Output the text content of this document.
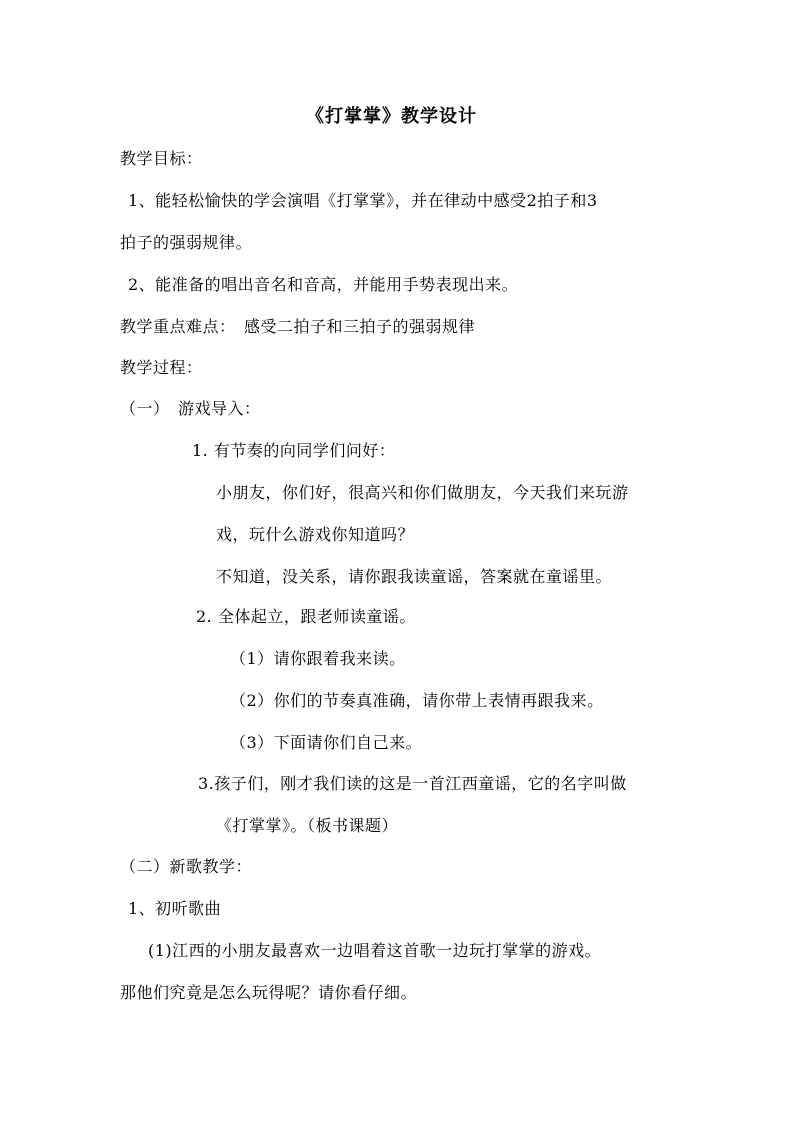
《打掌掌》教学设计
教学目标：
1、能轻松愉快的学会演唱《打掌掌》，并在律动中感受2拍子和3
拍子的强弱规律。
2、能准备的唱出音名和音高，并能用手势表现出来。
教学重点难点：　感受二拍子和三拍子的强弱规律
教学过程：
（一）　游戏导入：
1. 有节奏的向同学们问好：
小朋友，你们好，很高兴和你们做朋友，今天我们来玩游
戏，玩什么游戏你知道吗？
不知道，没关系，请你跟我读童谣，答案就在童谣里。
2. 全体起立，跟老师读童谣。
（1）请你跟着我来读。
（2）你们的节奏真准确，请你带上表情再跟我来。
（3）下面请你们自己来。
3.孩子们，刚才我们读的这是一首江西童谣，它的名字叫做
《打掌掌》。（板书课题）
（二）新歌教学：
1、初听歌曲
(1)江西的小朋友最喜欢一边唱着这首歌一边玩打掌掌的游戏。
那他们究竟是怎么玩得呢？请你看仔细。
